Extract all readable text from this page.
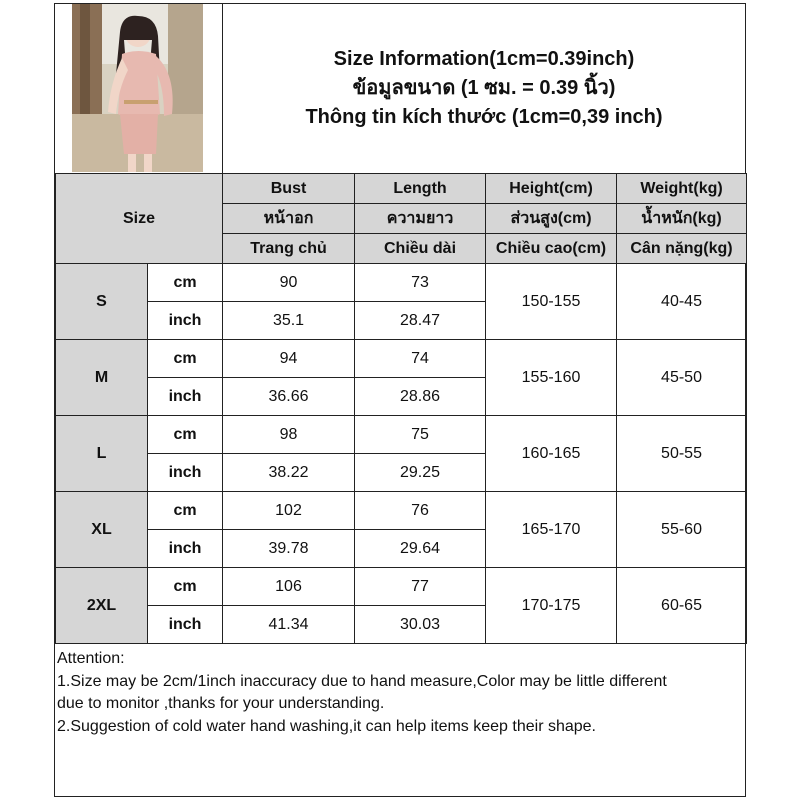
Size Information(1cm=0.39inch)
ข้อมูลขนาด (1 ซม. = 0.39 นิ้ว)
Thông tin kích thước (1cm=0,39 inch)
Size		Bust	Length	Height(cm)	Weight(kg)
		หน้าอก	ความยาว	ส่วนสูง(cm)	น้ำหนัก(kg)
		Trang chủ	Chiều dài	Chiều cao(cm)	Cân nặng(kg)
S	cm	90	73	150-155	40-45
	inch	35.1	28.47		
M	cm	94	74	155-160	45-50
	inch	36.66	28.86		
L	cm	98	75	160-165	50-55
	inch	38.22	29.25		
XL	cm	102	76	165-170	55-60
	inch	39.78	29.64		
2XL	cm	106	77	170-175	60-65
	inch	41.34	30.03		
Attention:
1.Size may be 2cm/1inch inaccuracy due to hand measure,Color may be little different
due to monitor ,thanks for your understanding.
2.Suggestion of cold water hand washing,it can help items keep their shape.
